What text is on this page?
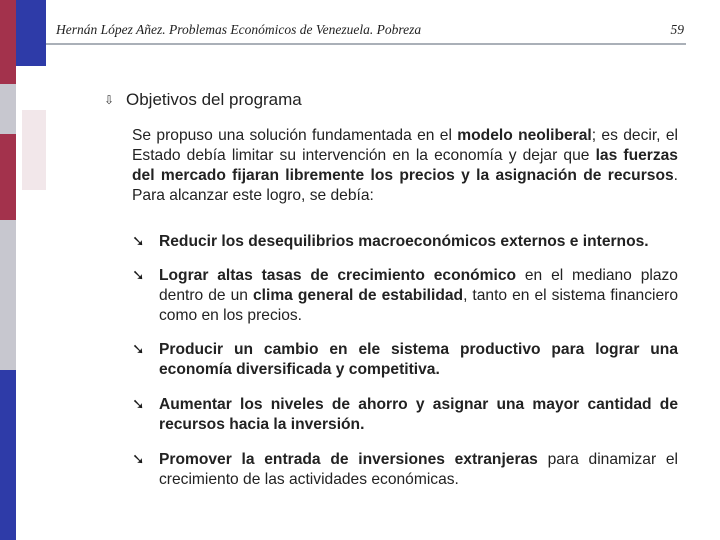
Hernán López Añez. Problemas Económicos de Venezuela. Pobreza	59
⇩ Objetivos del programa
Se propuso una solución fundamentada en el modelo neoliberal; es decir, el Estado debía limitar su intervención en la economía y dejar que las fuerzas del mercado fijaran libremente los precios y la asignación de recursos. Para alcanzar este logro, se debía:
➘ Reducir los desequilibrios macroeconómicos externos e internos.
➘ Lograr altas tasas de crecimiento económico en el mediano plazo dentro de un clima general de estabilidad, tanto en el sistema financiero como en los precios.
➘ Producir un cambio en ele sistema productivo para lograr una economía diversificada y competitiva.
➘ Aumentar los niveles de ahorro y asignar una mayor cantidad de recursos hacia la inversión.
➘ Promover la entrada de inversiones extranjeras para dinamizar el crecimiento de las actividades económicas.
